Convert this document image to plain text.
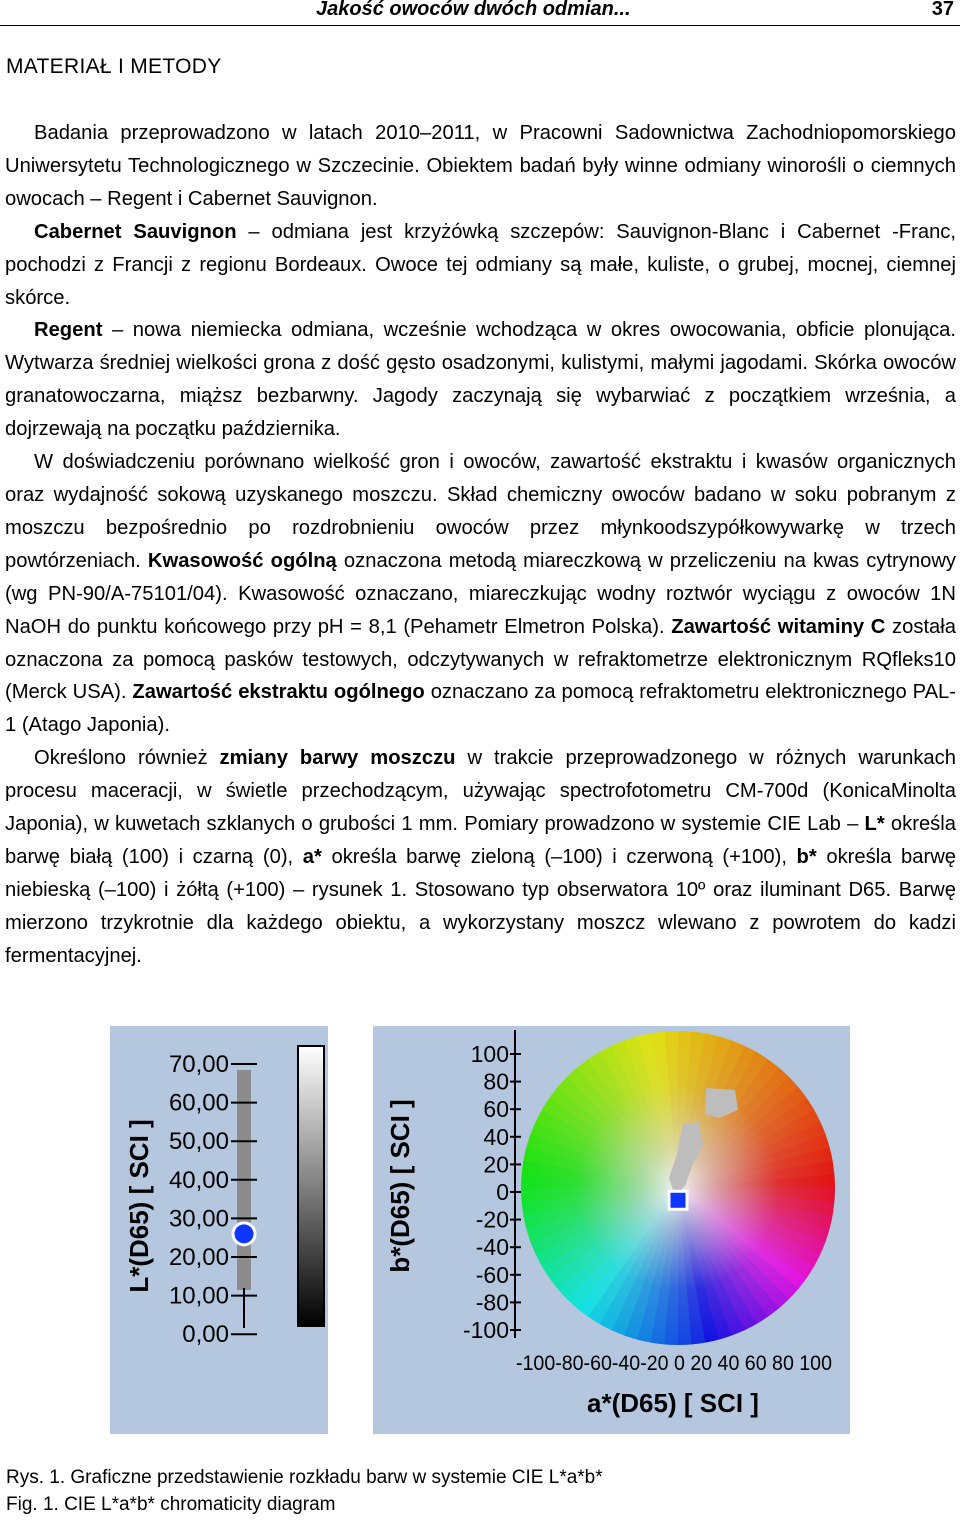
Jakość owoców dwóch odmian...	37
MATERIAŁ I METODY

Badania przeprowadzono w latach 2010–2011, w Pracowni Sadownictwa Zachodniopomorskiego Uniwersytetu Technologicznego w Szczecinie. Obiektem badań były winne odmiany winorośli o ciemnych owocach – Regent i Cabernet Sauvignon.

Cabernet Sauvignon – odmiana jest krzyżówką szczepów: Sauvignon-Blanc i Cabernet -Franc, pochodzi z Francji z regionu Bordeaux. Owoce tej odmiany są małe, kuliste, o grubej, mocnej, ciemnej skórce.

Regent – nowa niemiecka odmiana, wcześnie wchodząca w okres owocowania, obficie plonująca. Wytwarza średniej wielkości grona z dość gęsto osadzonymi, kulistymi, małymi jagodami. Skórka owoców granatowoczarna, miąższ bezbarwny. Jagody zaczynają się wybarwiać z początkiem września, a dojrzewają na początku października.

W doświadczeniu porównano wielkość gron i owoców, zawartość ekstraktu i kwasów organicznych oraz wydajność sokową uzyskanego moszczu. Skład chemiczny owoców badano w soku pobranym z moszczu bezpośrednio po rozdrobnieniu owoców przez młynkoodszypółkowywarkę w trzech powtórzeniach. Kwasowość ogólną oznaczona metodą miareczkową w przeliczeniu na kwas cytrynowy (wg PN-90/A-75101/04). Kwasowość oznaczano, miareczkując wodny roztwór wyciągu z owoców 1N NaOH do punktu końcowego przy pH = 8,1 (Pehametr Elmetron Polska). Zawartość witaminy C została oznaczona za pomocą pasków testowych, odczytywanych w refraktometrze elektronicznym RQfleks10 (Merck USA). Zawartość ekstraktu ogólnego oznaczano za pomocą refraktometru elektronicznego PAL-1 (Atago Japonia).

Określono również zmiany barwy moszczu w trakcie przeprowadzonego w różnych warunkach procesu maceracji, w świetle przechodzącym, używając spectrofotometru CM-700d (KonicaMinolta Japonia), w kuwetach szklanych o grubości 1 mm. Pomiary prowadzono w systemie CIE Lab – L* określa barwę białą (100) i czarną (0), a* określa barwę zieloną (–100) i czerwoną (+100), b* określa barwę niebieską (–100) i żółtą (+100) – rysunek 1. Stosowano typ obserwatora 10º oraz iluminant D65. Barwę mierzono trzykrotnie dla każdego obiektu, a wykorzystany moszcz wlewano z powrotem do kadzi fermentacyjnej.

L*(D65) [ SCI ]
70,00
60,00
50,00
40,00
30,00
20,00
10,00
0,00
b*(D65) [ SCI ]
100
80
60
40
20
0
-20
-40
-60
-80
-100
-100-80-60-40-20 0 20 40 60 80 100
a*(D65) [ SCI ]
Rys. 1. Graficzne przedstawienie rozkładu barw w systemie CIE L*a*b*
Fig. 1. CIE L*a*b* chromaticity diagram
